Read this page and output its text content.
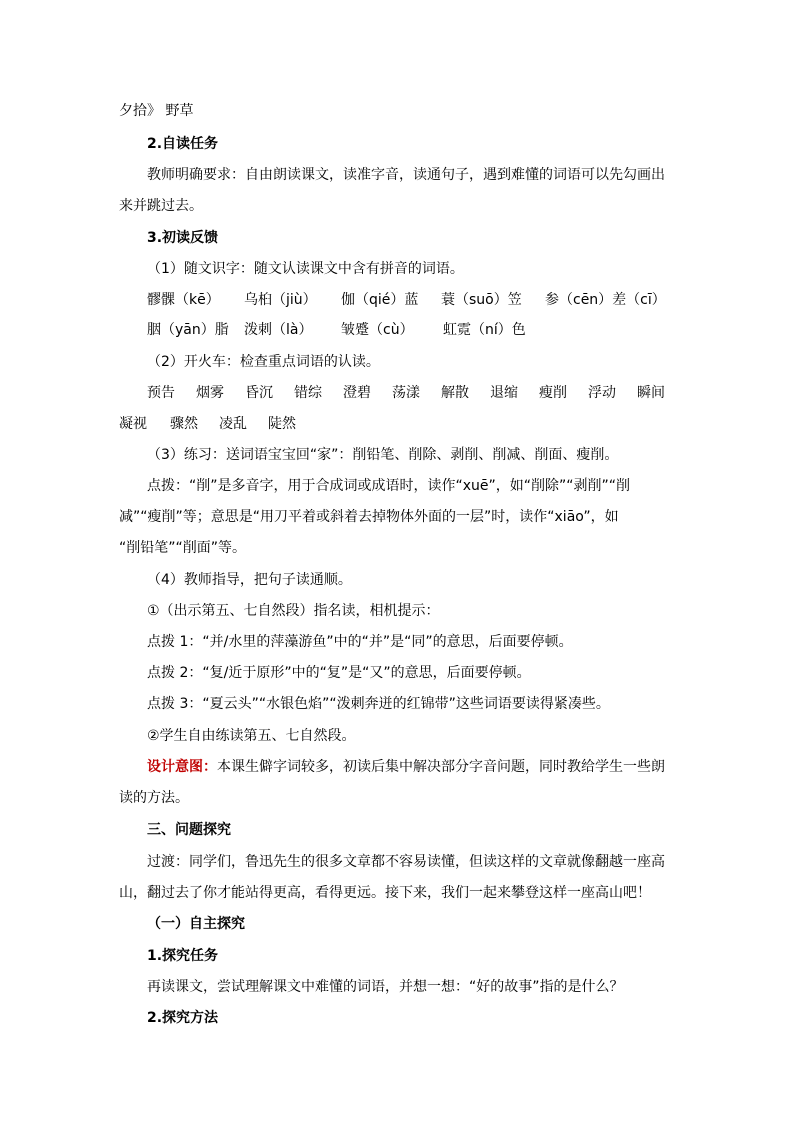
夕拾》 野草

2.自读任务

教师明确要求：自由朗读课文，读准字音，读通句子，遇到难懂的词语可以先勾画出

来并跳过去。

3.初读反馈

（1）随文识字：随文认读课文中含有拼音的词语。

髎髁（kē） 乌桕（jiù） 伽（qié）蓝 蓑（suō）笠 参（cēn）差（cī）
胭（yān）脂 泼刺（là） 皱蹙（cù） 虹霓（ní）色

（2）开火车：检查重点词语的认读。

预告 烟雾 昏沉 错综 澄碧 荡漾 解散 退缩 瘦削 浮动 瞬间
凝视 骤然 凌乱 陡然

（3）练习：送词语宝宝回“家”：削铅笔、削除、剥削、削减、削面、瘦削。

点拨：“削”是多音字，用于合成词或成语时，读作“xuē”，如“削除”“剥削”“削

减”“瘦削”等；意思是“用刀平着或斜着去掉物体外面的一层”时，读作“xiāo”，如

“削铅笔”“削面”等。

（4）教师指导，把句子读通顺。

①（出示第五、七自然段）指名读，相机提示：

点拨 1：“并/水里的萍藻游鱼”中的“并”是“同”的意思，后面要停顿。

点拨 2：“复/近于原形”中的“复”是“又”的意思，后面要停顿。

点拨 3：“夏云头”“水银色焰”“泼刺奔迸的红锦带”这些词语要读得紧凑些。

②学生自由练读第五、七自然段。

设计意图：本课生僻字词较多，初读后集中解决部分字音问题，同时教给学生一些朗

读的方法。

三、问题探究

过渡：同学们，鲁迅先生的很多文章都不容易读懂，但读这样的文章就像翻越一座高

山，翻过去了你才能站得更高，看得更远。接下来，我们一起来攀登这样一座高山吧！

（一）自主探究

1.探究任务

再读课文，尝试理解课文中难懂的词语，并想一想：“好的故事”指的是什么？

2.探究方法
